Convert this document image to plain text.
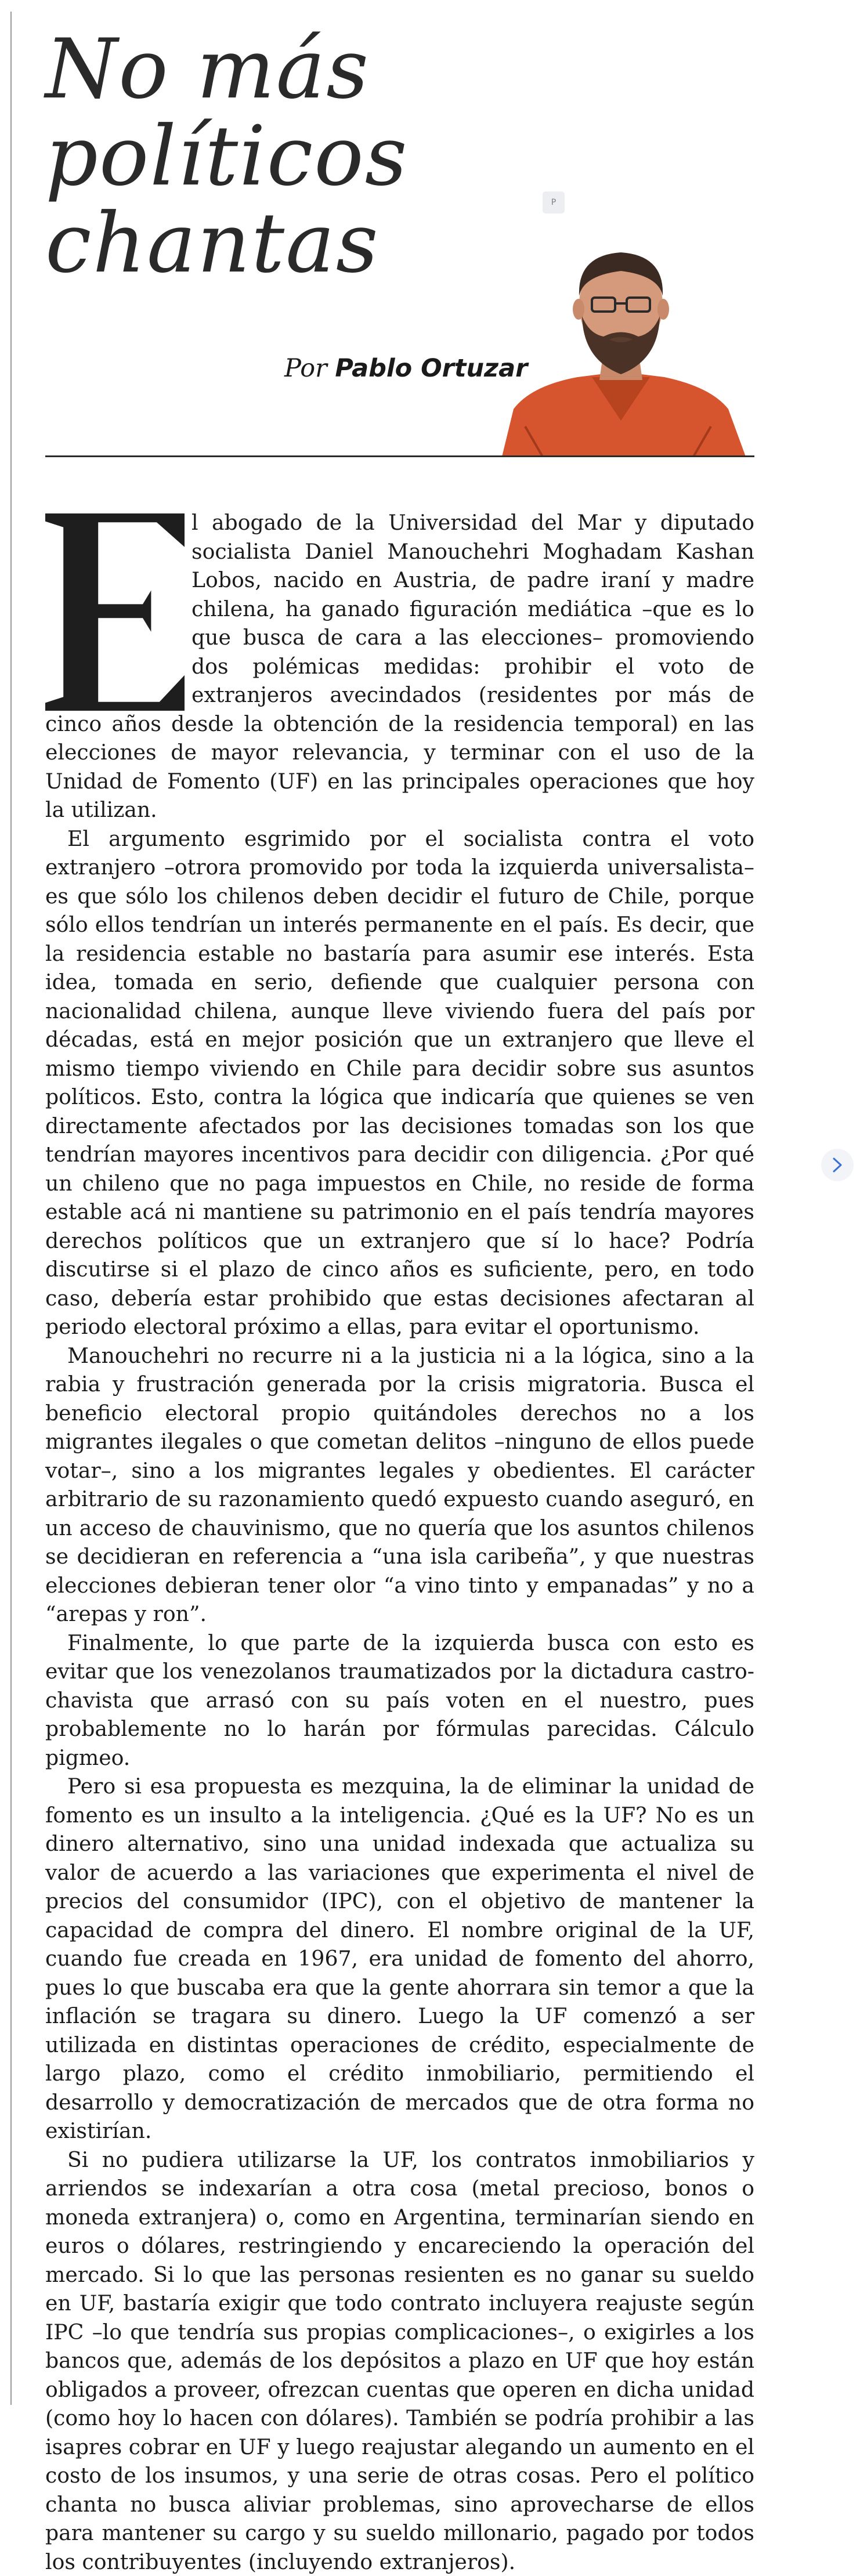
No más políticos chantas	P
Por Pablo Ortuzar

l abogado de la Universidad del Mar y diputado socialista Daniel Manouchehri Moghadam Kashan Lobos, nacido en Austria, de padre iraní y madre chilena, ha ganado figuración mediática –que es lo que busca de cara a las elecciones– promoviendo dos polémicas medidas: prohibir el voto de extranjeros avecindados (residentes por más de cinco años desde la obtención de la residencia temporal) en las elecciones de mayor relevancia, y terminar con el uso de la Unidad de Fomento (UF) en las principales operaciones que hoy la utilizan.

El argumento esgrimido por el socialista contra el voto extranjero –otrora promovido por toda la izquierda universalista– es que sólo los chilenos deben decidir el futuro de Chile, porque sólo ellos tendrían un interés permanente en el país. Es decir, que la residencia estable no bastaría para asumir ese interés. Esta idea, tomada en serio, defiende que cualquier persona con nacionalidad chilena, aunque lleve viviendo fuera del país por décadas, está en mejor posición que un extranjero que lleve el mismo tiempo viviendo en Chile para decidir sobre sus asuntos políticos. Esto, contra la lógica que indicaría que quienes se ven directamente afectados por las decisiones tomadas son los que tendrían mayores incentivos para decidir con diligencia. ¿Por qué un chileno que no paga impuestos en Chile, no reside de forma estable acá ni mantiene su patrimonio en el país tendría mayores derechos políticos que un extranjero que sí lo hace? Podría discutirse si el plazo de cinco años es suficiente, pero, en todo caso, debería estar prohibido que estas decisiones afectaran al periodo electoral próximo a ellas, para evitar el oportunismo.

Manouchehri no recurre ni a la justicia ni a la lógica, sino a la rabia y frustración generada por la crisis migratoria. Busca el beneficio electoral propio quitándoles derechos no a los migrantes ilegales o que cometan delitos –ninguno de ellos puede votar–, sino a los migrantes legales y obedientes. El carácter arbitrario de su razonamiento quedó expuesto cuando aseguró, en un acceso de chauvinismo, que no quería que los asuntos chilenos se decidieran en referencia a “una isla caribeña”, y que nuestras elecciones debieran tener olor “a vino tinto y empanadas” y no a “arepas y ron”.

Finalmente, lo que parte de la izquierda busca con esto es evitar que los venezolanos traumatizados por la dictadura castro-chavista que arrasó con su país voten en el nuestro, pues probablemente no lo harán por fórmulas parecidas. Cálculo pigmeo.

Pero si esa propuesta es mezquina, la de eliminar la unidad de fomento es un insulto a la inteligencia. ¿Qué es la UF? No es un dinero alternativo, sino una unidad indexada que actualiza su valor de acuerdo a las variaciones que experimenta el nivel de precios del consumidor (IPC), con el objetivo de mantener la capacidad de compra del dinero. El nombre original de la UF, cuando fue creada en 1967, era unidad de fomento del ahorro, pues lo que buscaba era que la gente ahorrara sin temor a que la inflación se tragara su dinero. Luego la UF comenzó a ser utilizada en distintas operaciones de crédito, especialmente de largo plazo, como el crédito inmobiliario, permitiendo el desarrollo y democratización de mercados que de otra forma no existirían.

Si no pudiera utilizarse la UF, los contratos inmobiliarios y arriendos se indexarían a otra cosa (metal precioso, bonos o moneda extranjera) o, como en Argentina, terminarían siendo en euros o dólares, restringiendo y encareciendo la operación del mercado. Si lo que las personas resienten es no ganar su sueldo en UF, bastaría exigir que todo contrato incluyera reajuste según IPC –lo que tendría sus propias complicaciones–, o exigirles a los bancos que, además de los depósitos a plazo en UF que hoy están obligados a proveer, ofrezcan cuentas que operen en dicha unidad (como hoy lo hacen con dólares). También se podría prohibir a las isapres cobrar en UF y luego reajustar alegando un aumento en el costo de los insumos, y una serie de otras cosas. Pero el político chanta no busca aliviar problemas, sino aprovecharse de ellos para mantener su cargo y su sueldo millonario, pagado por todos los contribuyentes (incluyendo extranjeros).
